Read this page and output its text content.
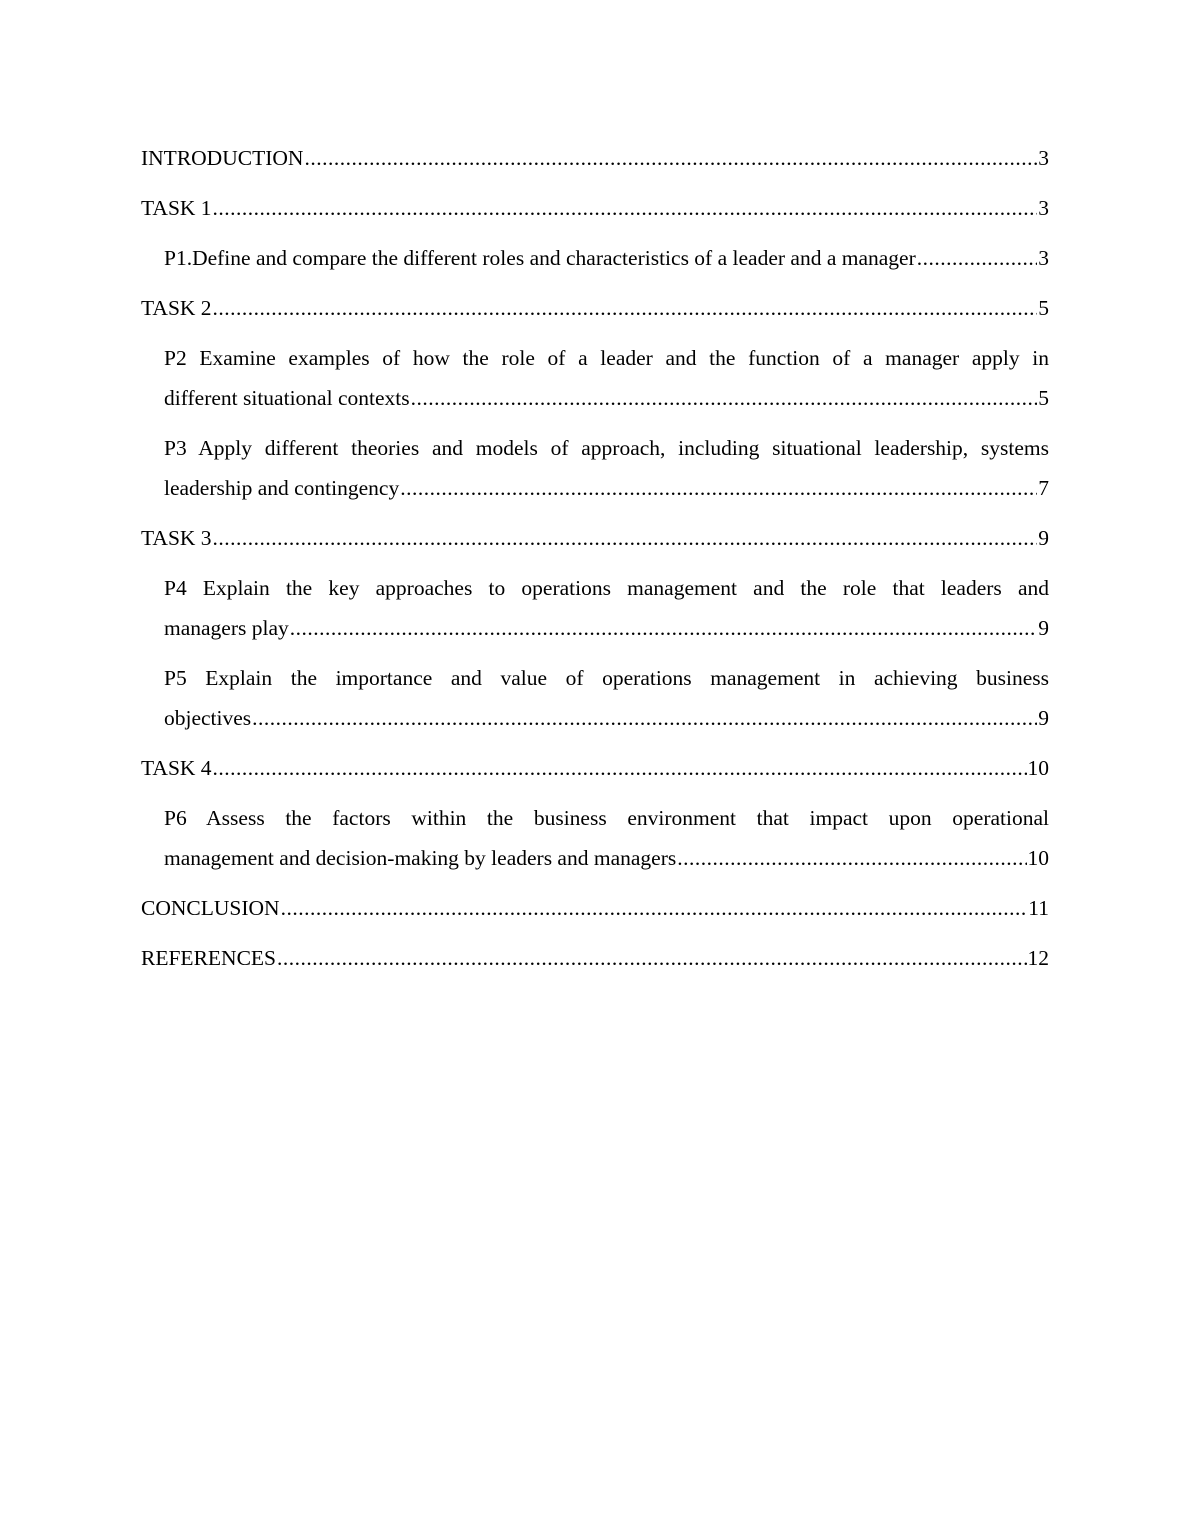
INTRODUCTION .....	3
TASK 1 .....	3
P1.Define and compare the different roles and characteristics of a leader and a manager .....	3
TASK 2 .....	5
P2 Examine examples of how the role of a leader and the function of a manager apply in
different situational contexts .....	5
P3 Apply different theories and models of approach, including situational leadership, systems
leadership and contingency .....	7
TASK 3 .....	9
P4 Explain the key approaches to operations management and the role that leaders and
managers play .....	9
P5 Explain the importance and value of operations management in achieving business
objectives .....	9
TASK 4 .....	10
P6 Assess the factors within the business environment that impact upon operational
management and decision-making by leaders and managers .....	10
CONCLUSION .....	11
REFERENCES .....	12
